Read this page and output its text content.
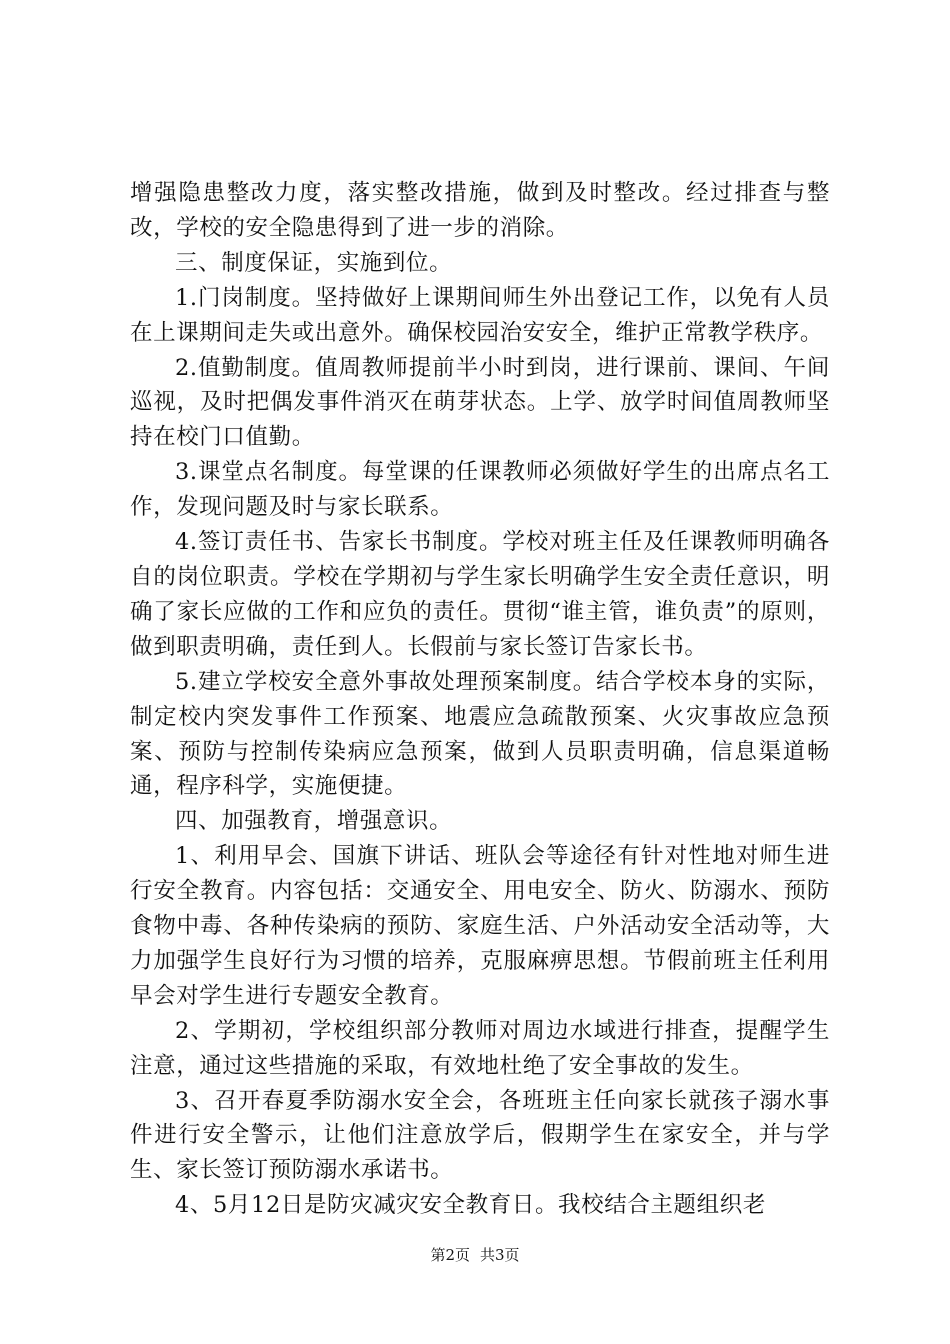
增强隐患整改力度，落实整改措施，做到及时整改。经过排查与整改，学校的安全隐患得到了进一步的消除。

三、制度保证，实施到位。

1.门岗制度。坚持做好上课期间师生外出登记工作，以免有人员在上课期间走失或出意外。确保校园治安安全，维护正常教学秩序。

2.值勤制度。值周教师提前半小时到岗，进行课前、课间、午间巡视，及时把偶发事件消灭在萌芽状态。上学、放学时间值周教师坚持在校门口值勤。

3.课堂点名制度。每堂课的任课教师必须做好学生的出席点名工作，发现问题及时与家长联系。

4.签订责任书、告家长书制度。学校对班主任及任课教师明确各自的岗位职责。学校在学期初与学生家长明确学生安全责任意识，明确了家长应做的工作和应负的责任。贯彻“谁主管，谁负责”的原则，做到职责明确，责任到人。长假前与家长签订告家长书。

5.建立学校安全意外事故处理预案制度。结合学校本身的实际，制定校内突发事件工作预案、地震应急疏散预案、火灾事故应急预案、预防与控制传染病应急预案，做到人员职责明确，信息渠道畅通，程序科学，实施便捷。

四、加强教育，增强意识。

1、利用早会、国旗下讲话、班队会等途径有针对性地对师生进行安全教育。内容包括：交通安全、用电安全、防火、防溺水、预防食物中毒、各种传染病的预防、家庭生活、户外活动安全活动等，大力加强学生良好行为习惯的培养，克服麻痹思想。节假前班主任利用早会对学生进行专题安全教育。

2、学期初，学校组织部分教师对周边水域进行排查，提醒学生注意，通过这些措施的采取，有效地杜绝了安全事故的发生。

3、召开春夏季防溺水安全会，各班班主任向家长就孩子溺水事件进行安全警示，让他们注意放学后，假期学生在家安全，并与学生、家长签订预防溺水承诺书。

4、5月12日是防灾减灾安全教育日。我校结合主题组织老

第2页 共3页
